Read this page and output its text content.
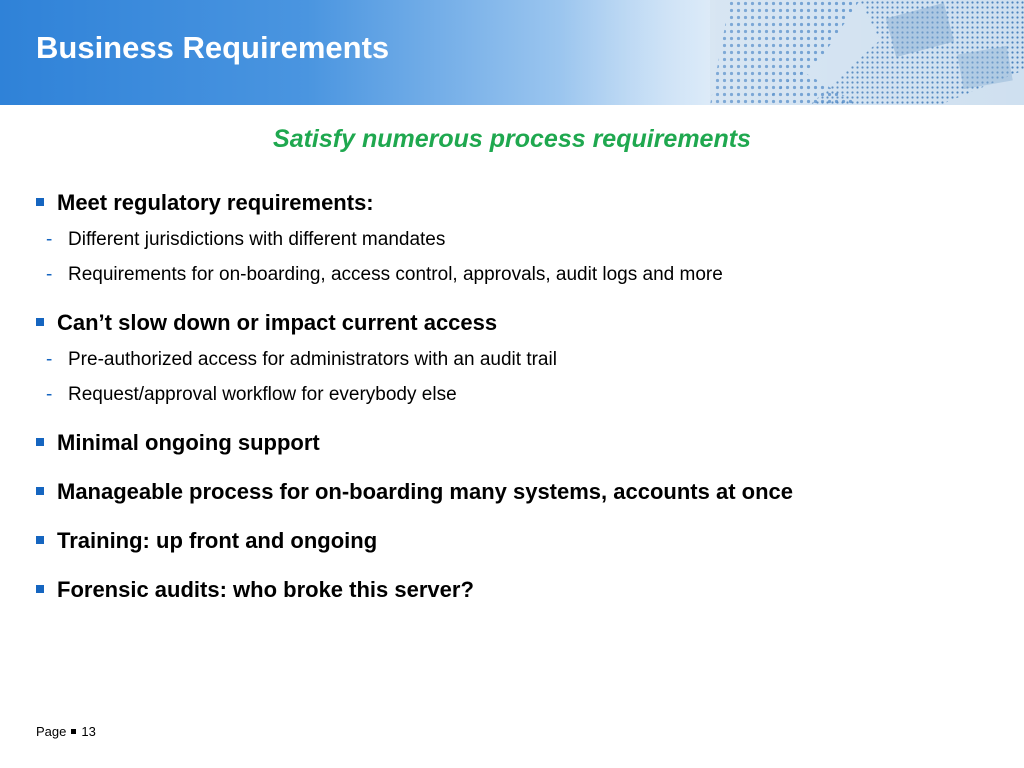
Business Requirements

Satisfy numerous process requirements

Meet regulatory requirements:
- Different jurisdictions with different mandates
- Requirements for on-boarding, access control, approvals, audit logs and more
Can’t slow down or impact current access
- Pre-authorized access for administrators with an audit trail
- Request/approval workflow for everybody else
Minimal ongoing support
Manageable process for on-boarding many systems, accounts at once
Training: up front and ongoing
Forensic audits: who broke this server?
Page 13
